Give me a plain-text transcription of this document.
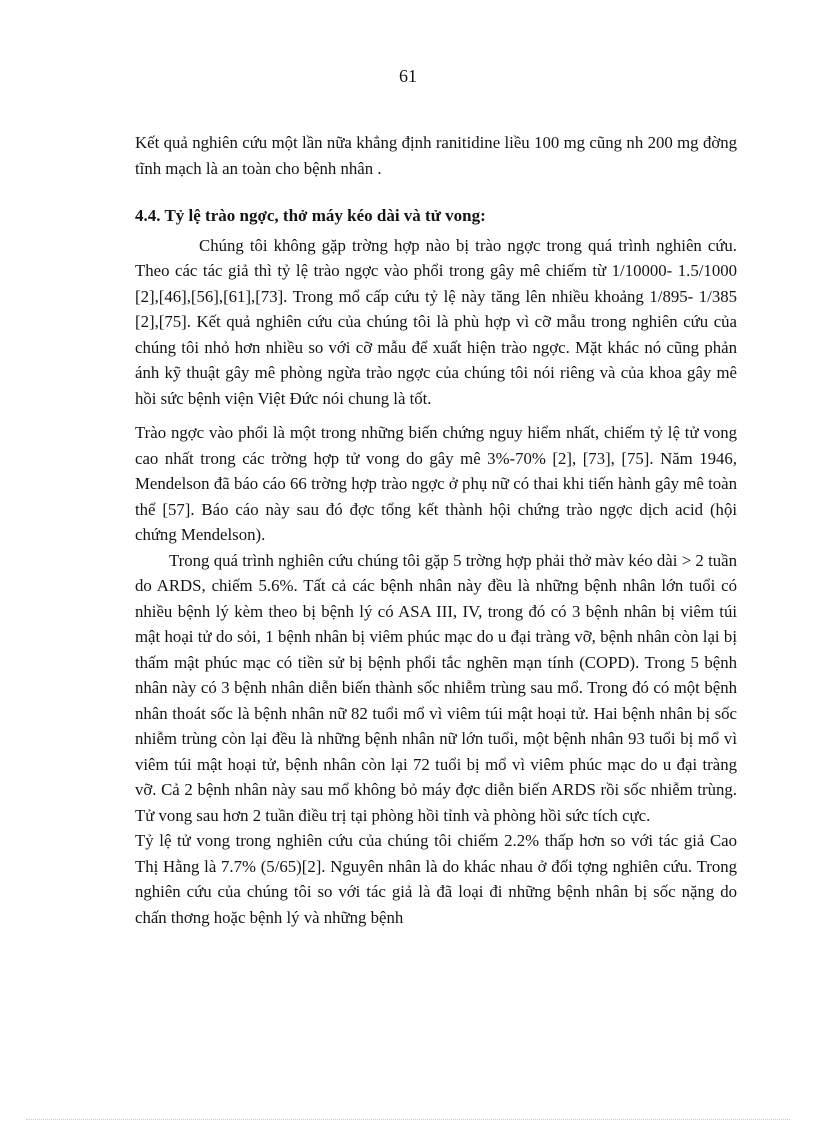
61

Kết quả nghiên cứu một lần nữa khẳng định ranitidine liều 100 mg cũng nh 200 mg đờng tĩnh mạch là an toàn cho bệnh nhân .

4.4. Tỷ lệ trào ngợc, thở máy kéo dài và tử vong:

Chúng tôi không gặp trờng hợp nào bị trào ngợc trong quá trình nghiên cứu. Theo các tác giả thì tỷ lệ trào ngợc vào phổi trong gây mê chiếm từ 1/10000- 1.5/1000 [2],[46],[56],[61],[73]. Trong mổ cấp cứu tỷ lệ này tăng lên nhiều khoảng 1/895- 1/385 [2],[75]. Kết quả nghiên cứu của chúng tôi là phù hợp vì cỡ mẫu trong nghiên cứu của chúng tôi nhỏ hơn nhiều so với cỡ mẫu để xuất hiện trào ngợc. Mặt khác nó cũng phản ánh kỹ thuật gây mê phòng ngừa trào ngợc của chúng tôi nói riêng và của khoa gây mê hồi sức bệnh viện Việt Đức nói chung là tốt.

Trào ngợc vào phổi là một trong những biến chứng nguy hiểm nhất, chiếm tỷ lệ tử vong cao nhất trong các trờng hợp tử vong do gây mê 3%-70% [2], [73], [75]. Năm 1946, Mendelson đã báo cáo 66 trờng hợp trào ngợc ở phụ nữ có thai khi tiến hành gây mê toàn thể [57]. Báo cáo này sau đó đợc tổng kết thành hội chứng trào ngợc dịch acid (hội chứng Mendelson).

Trong quá trình nghiên cứu chúng tôi gặp 5 trờng hợp phải thở màv kéo dài > 2 tuần do ARDS, chiếm 5.6%. Tất cả các bệnh nhân này đều là những bệnh nhân lớn tuổi có nhiều bệnh lý kèm theo bị bệnh lý có ASA III, IV, trong đó có 3 bệnh nhân bị viêm túi mật hoại tử do sỏi, 1 bệnh nhân bị viêm phúc mạc do u đại tràng vỡ, bệnh nhân còn lại bị thấm mật phúc mạc có tiền sử bị bệnh phổi tắc nghẽn mạn tính (COPD). Trong 5 bệnh nhân này có 3 bệnh nhân diễn biến thành sốc nhiễm trùng sau mổ. Trong đó có một bệnh nhân thoát sốc là bệnh nhân nữ 82 tuổi mổ vì viêm túi mật hoại tử. Hai bệnh nhân bị sốc nhiễm trùng còn lại đều là những bệnh nhân nữ lớn tuổi, một bệnh nhân 93 tuổi bị mổ vì viêm túi mật hoại tử, bệnh nhân còn lại 72 tuổi bị mổ vì viêm phúc mạc do u đại tràng vỡ. Cả 2 bệnh nhân này sau mổ không bỏ máy đợc diễn biến ARDS rồi sốc nhiễm trùng. Tử vong sau hơn 2 tuần điều trị tại phòng hồi tỉnh và phòng hồi sức tích cực.

Tỷ lệ tử vong trong nghiên cứu của chúng tôi chiếm 2.2% thấp hơn so với tác giả Cao Thị Hằng là 7.7% (5/65)[2]. Nguyên nhân là do khác nhau ở đối tợng nghiên cứu. Trong nghiên cứu của chúng tôi so với tác giả là đã loại đi những bệnh nhân bị sốc nặng do chấn thơng hoặc bệnh lý và những bệnh
